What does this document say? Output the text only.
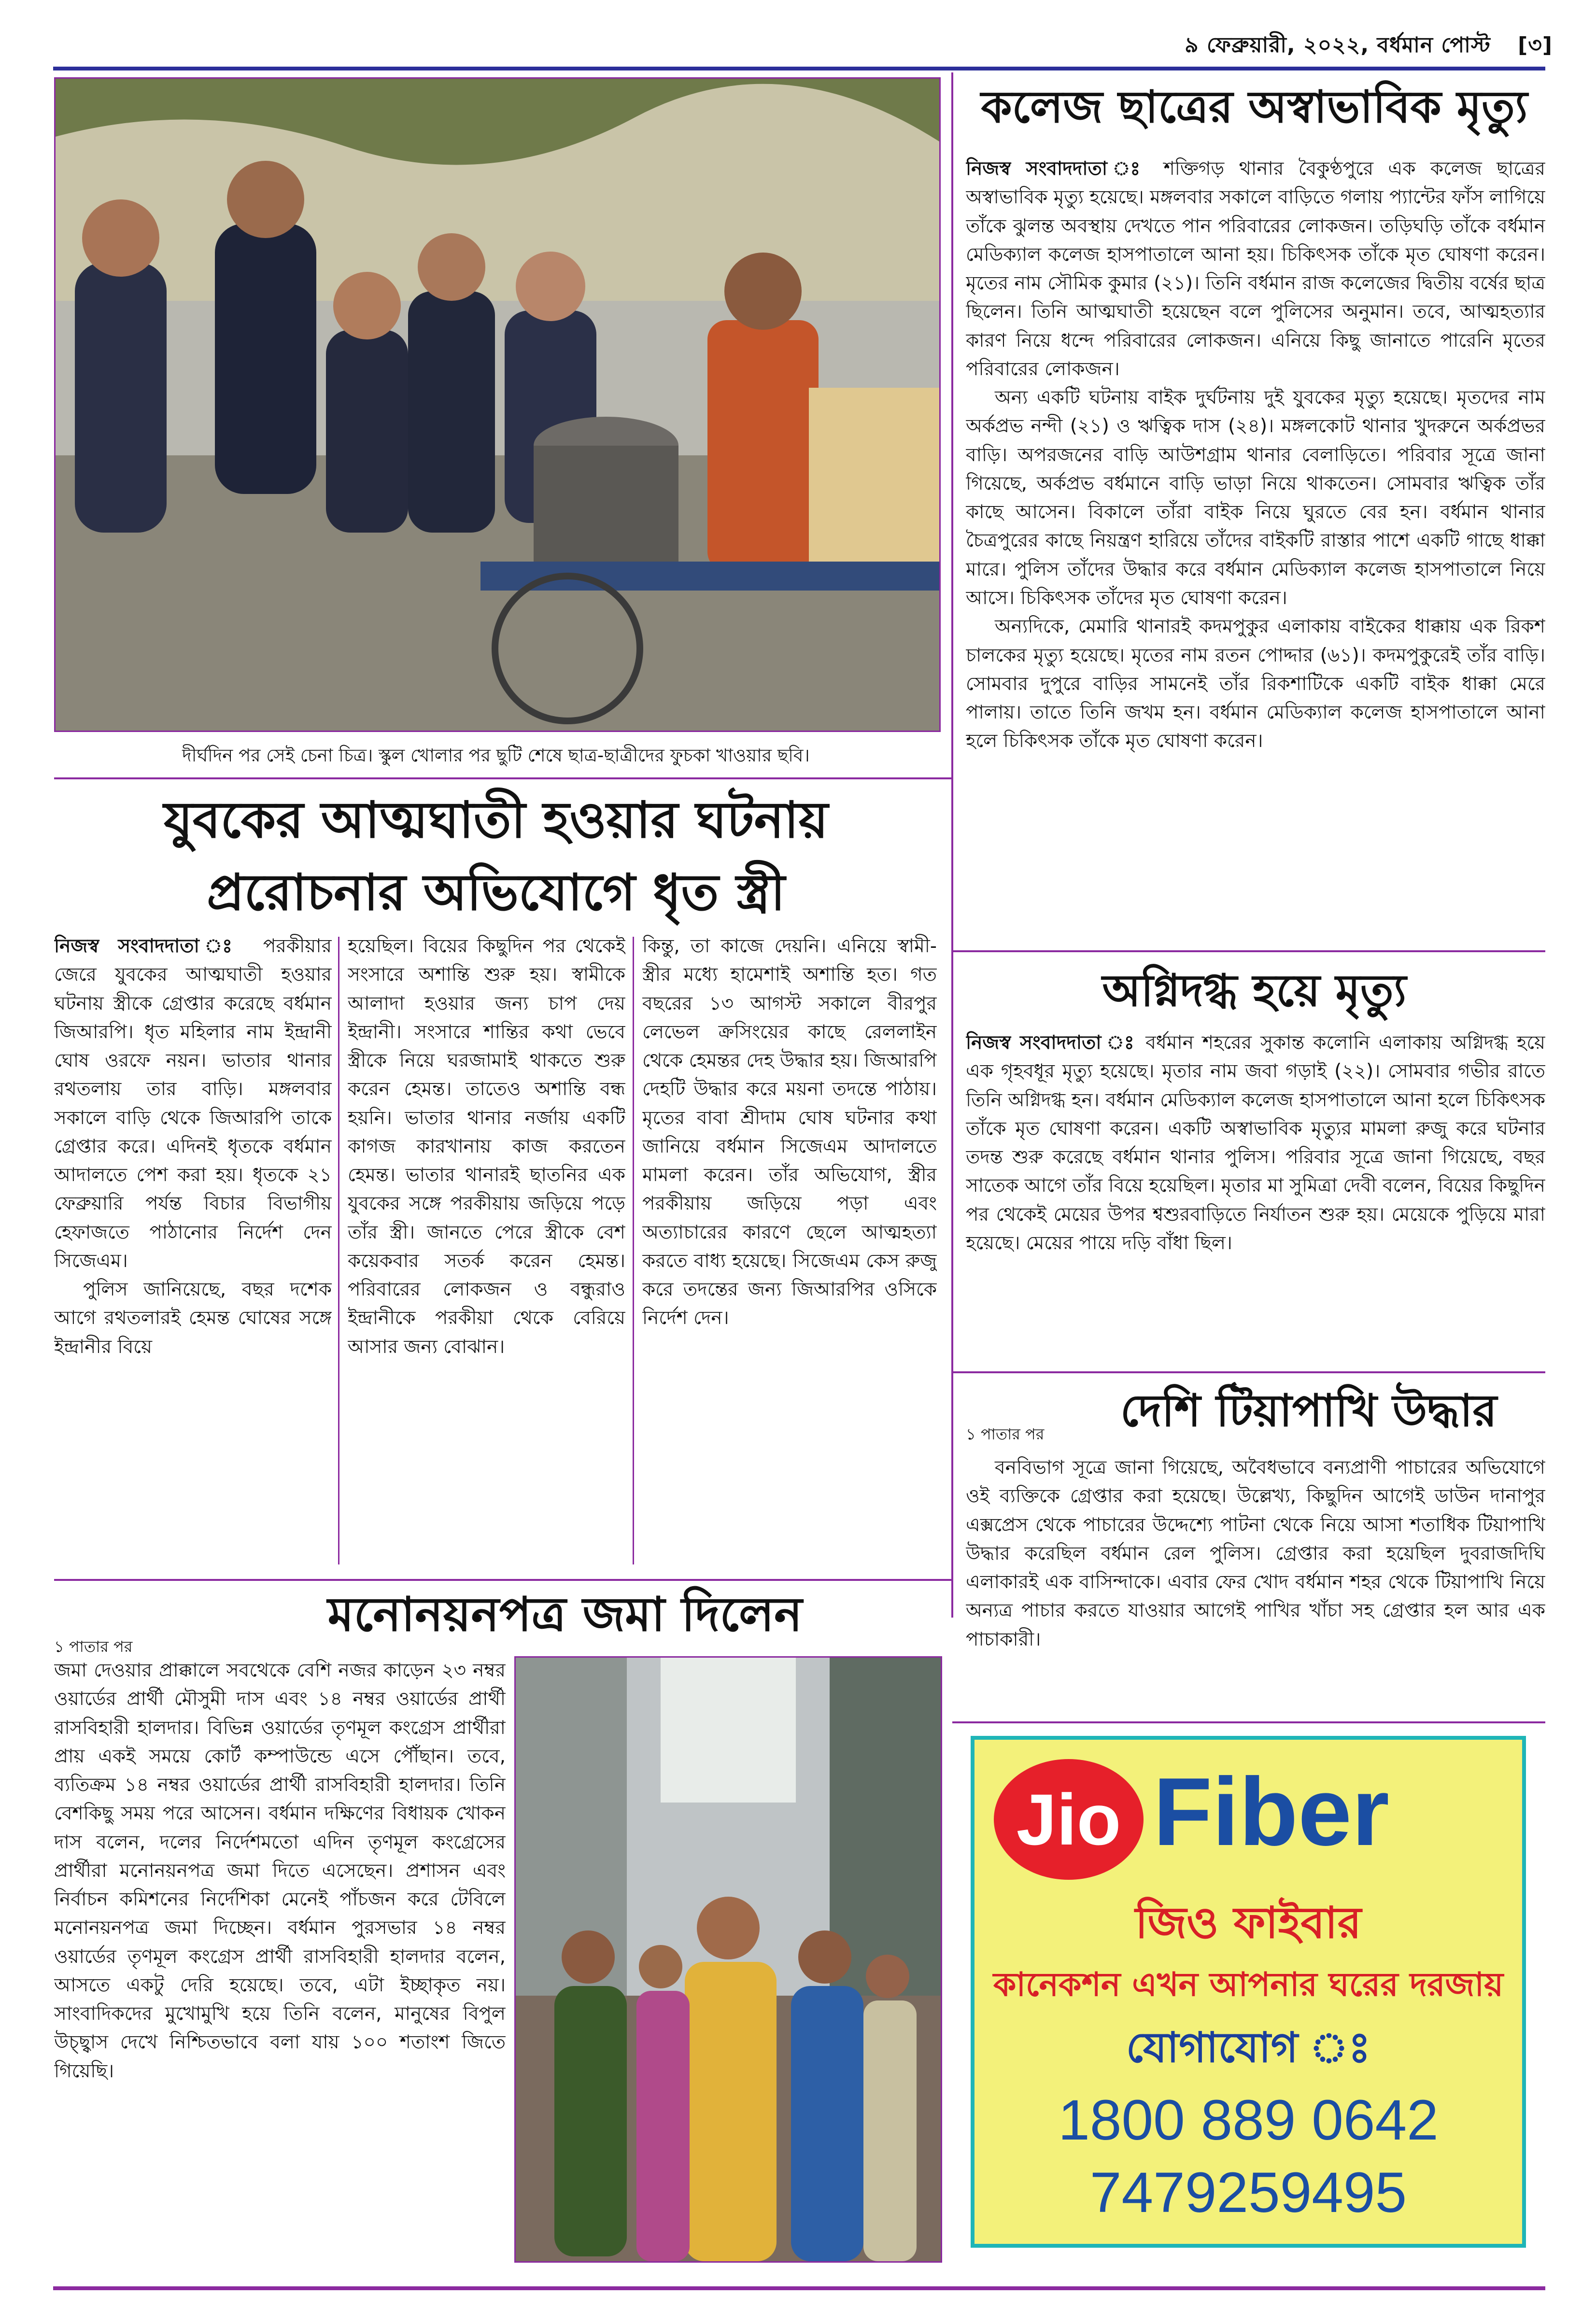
৯ ফেব্রুয়ারী, ২০২২, বর্ধমান পোস্ট [৩]
দীর্ঘদিন পর সেই চেনা চিত্র। স্কুল খোলার পর ছুটি শেষে ছাত্র-ছাত্রীদের ফুচকা খাওয়ার ছবি।
কলেজ ছাত্রের অস্বাভাবিক মৃত্যু

নিজস্ব সংবাদদাতা ঃ শক্তিগড় থানার বৈকুণ্ঠপুরে এক কলেজ ছাত্রের অস্বাভাবিক মৃত্যু হয়েছে। মঙ্গলবার সকালে বাড়িতে গলায় প্যান্টের ফাঁস লাগিয়ে তাঁকে ঝুলন্ত অবস্থায় দেখতে পান পরিবারের লোকজন। তড়িঘড়ি তাঁকে বর্ধমান মেডিক্যাল কলেজ হাসপাতালে আনা হয়। চিকিৎসক তাঁকে মৃত ঘোষণা করেন। মৃতের নাম সৌমিক কুমার (২১)। তিনি বর্ধমান রাজ কলেজের দ্বিতীয় বর্ষের ছাত্র ছিলেন। তিনি আত্মঘাতী হয়েছেন বলে পুলিসের অনুমান। তবে, আত্মহত্যার কারণ নিয়ে ধন্দে পরিবারের লোকজন। এনিয়ে কিছু জানাতে পারেনি মৃতের পরিবারের লোকজন।

অন্য একটি ঘটনায় বাইক দুর্ঘটনায় দুই যুবকের মৃত্যু হয়েছে। মৃতদের নাম অর্কপ্রভ নন্দী (২১) ও ঋত্বিক দাস (২৪)। মঙ্গলকোট থানার খুদরুনে অর্কপ্রভর বাড়ি। অপরজনের বাড়ি আউশগ্রাম থানার বেলাড়িতে। পরিবার সূত্রে জানা গিয়েছে, অর্কপ্রভ বর্ধমানে বাড়ি ভাড়া নিয়ে থাকতেন। সোমবার ঋত্বিক তাঁর কাছে আসেন। বিকালে তাঁরা বাইক নিয়ে ঘুরতে বের হন। বর্ধমান থানার চৈত্রপুরের কাছে নিয়ন্ত্রণ হারিয়ে তাঁদের বাইকটি রাস্তার পাশে একটি গাছে ধাক্কা মারে। পুলিস তাঁদের উদ্ধার করে বর্ধমান মেডিক্যাল কলেজ হাসপাতালে নিয়ে আসে। চিকিৎসক তাঁদের মৃত ঘোষণা করেন।

অন্যদিকে, মেমারি থানারই কদমপুকুর এলাকায় বাইকের ধাক্কায় এক রিকশ চালকের মৃত্যু হয়েছে। মৃতের নাম রতন পোদ্দার (৬১)। কদমপুকুরেই তাঁর বাড়ি। সোমবার দুপুরে বাড়ির সামনেই তাঁর রিকশাটিকে একটি বাইক ধাক্কা মেরে পালায়। তাতে তিনি জখম হন। বর্ধমান মেডিক্যাল কলেজ হাসপাতালে আনা হলে চিকিৎসক তাঁকে মৃত ঘোষণা করেন।

অগ্নিদগ্ধ হয়ে মৃত্যু

নিজস্ব সংবাদদাতা ঃ বর্ধমান শহরের সুকান্ত কলোনি এলাকায় অগ্নিদগ্ধ হয়ে এক গৃহবধূর মৃত্যু হয়েছে। মৃতার নাম জবা গড়াই (২২)। সোমবার গভীর রাতে তিনি অগ্নিদগ্ধ হন। বর্ধমান মেডিক্যাল কলেজ হাসপাতালে আনা হলে চিকিৎসক তাঁকে মৃত ঘোষণা করেন। একটি অস্বাভাবিক মৃত্যুর মামলা রুজু করে ঘটনার তদন্ত শুরু করেছে বর্ধমান থানার পুলিস। পরিবার সূত্রে জানা গিয়েছে, বছর সাতেক আগে তাঁর বিয়ে হয়েছিল। মৃতার মা সুমিত্রা দেবী বলেন, বিয়ের কিছুদিন পর থেকেই মেয়ের উপর শ্বশুরবাড়িতে নির্যাতন শুরু হয়। মেয়েকে পুড়িয়ে মারা হয়েছে। মেয়ের পায়ে দড়ি বাঁধা ছিল।

১ পাতার পর	দেশি টিয়াপাখি উদ্ধার

বনবিভাগ সূত্রে জানা গিয়েছে, অবৈধভাবে বন্যপ্রাণী পাচারের অভিযোগে ওই ব্যক্তিকে গ্রেপ্তার করা হয়েছে। উল্লেখ্য, কিছুদিন আগেই ডাউন দানাপুর এক্সপ্রেস থেকে পাচারের উদ্দেশ্যে পাটনা থেকে নিয়ে আসা শতাধিক টিয়াপাখি উদ্ধার করেছিল বর্ধমান রেল পুলিস। গ্রেপ্তার করা হয়েছিল দুবরাজদিঘি এলাকারই এক বাসিন্দাকে। এবার ফের খোদ বর্ধমান শহর থেকে টিয়াপাখি নিয়ে অন্যত্র পাচার করতে যাওয়ার আগেই পাখির খাঁচা সহ গ্রেপ্তার হল আর এক পাচাকারী।

Jio Fiber
জিও ফাইবার
কানেকশন এখন আপনার ঘরের দরজায়
যোগাযোগ ঃ
1800 889 0642
7479259495
যুবকের আত্মঘাতী হওয়ার ঘটনায়
প্ররোচনার অভিযোগে ধৃত স্ত্রী

নিজস্ব সংবাদদাতা ঃ পরকীয়ার জেরে যুবকের আত্মঘাতী হওয়ার ঘটনায় স্ত্রীকে গ্রেপ্তার করেছে বর্ধমান জিআরপি। ধৃত মহিলার নাম ইন্দ্রানী ঘোষ ওরফে নয়ন। ভাতার থানার রথতলায় তার বাড়ি। মঙ্গলবার সকালে বাড়ি থেকে জিআরপি তাকে গ্রেপ্তার করে। এদিনই ধৃতকে বর্ধমান আদালতে পেশ করা হয়। ধৃতকে ২১ ফেব্রুয়ারি পর্যন্ত বিচার বিভাগীয় হেফাজতে পাঠানোর নির্দেশ দেন সিজেএম।

পুলিস জানিয়েছে, বছর দশেক আগে রথতলারই হেমন্ত ঘোষের সঙ্গে ইন্দ্রানীর বিয়ে

হয়েছিল। বিয়ের কিছুদিন পর থেকেই সংসারে অশান্তি শুরু হয়। স্বামীকে আলাদা হওয়ার জন্য চাপ দেয় ইন্দ্রানী। সংসারে শান্তির কথা ভেবে স্ত্রীকে নিয়ে ঘরজামাই থাকতে শুরু করেন হেমন্ত। তাতেও অশান্তি বন্ধ হয়নি। ভাতার থানার নর্জায় একটি কাগজ কারখানায় কাজ করতেন হেমন্ত। ভাতার থানারই ছাতনির এক যুবকের সঙ্গে পরকীয়ায় জড়িয়ে পড়ে তাঁর স্ত্রী। জানতে পেরে স্ত্রীকে বেশ কয়েকবার সতর্ক করেন হেমন্ত। পরিবারের লোকজন ও বন্ধুরাও ইন্দ্রানীকে পরকীয়া থেকে বেরিয়ে আসার জন্য বোঝান।

কিন্তু, তা কাজে দেয়নি। এনিয়ে স্বামী-স্ত্রীর মধ্যে হামেশাই অশান্তি হত। গত বছরের ১৩ আগস্ট সকালে বীরপুর লেভেল ক্রসিংয়ের কাছে রেললাইন থেকে হেমন্তর দেহ উদ্ধার হয়। জিআরপি দেহটি উদ্ধার করে ময়না তদন্তে পাঠায়। মৃতের বাবা শ্রীদাম ঘোষ ঘটনার কথা জানিয়ে বর্ধমান সিজেএম আদালতে মামলা করেন। তাঁর অভিযোগ, স্ত্রীর পরকীয়ায় জড়িয়ে পড়া এবং অত্যাচারের কারণে ছেলে আত্মহত্যা করতে বাধ্য হয়েছে। সিজেএম কেস রুজু করে তদন্তের জন্য জিআরপির ওসিকে নির্দেশ দেন।

১ পাতার পর
মনোনয়নপত্র জমা দিলেন

জমা দেওয়ার প্রাক্কালে সবথেকে বেশি নজর কাড়েন ২৩ নম্বর ওয়ার্ডের প্রার্থী মৌসুমী দাস এবং ১৪ নম্বর ওয়ার্ডের প্রার্থী রাসবিহারী হালদার। বিভিন্ন ওয়ার্ডের তৃণমূল কংগ্রেস প্রার্থীরা প্রায় একই সময়ে কোর্ট কম্পাউন্ডে এসে পৌঁছান। তবে, ব্যতিক্রম ১৪ নম্বর ওয়ার্ডের প্রার্থী রাসবিহারী হালদার। তিনি বেশকিছু সময় পরে আসেন। বর্ধমান দক্ষিণের বিধায়ক খোকন দাস বলেন, দলের নির্দেশমতো এদিন তৃণমূল কংগ্রেসের প্রার্থীরা মনোনয়নপত্র জমা দিতে এসেছেন। প্রশাসন এবং নির্বাচন কমিশনের নির্দেশিকা মেনেই পাঁচজন করে টেবিলে মনোনয়নপত্র জমা দিচ্ছেন। বর্ধমান পুরসভার ১৪ নম্বর ওয়ার্ডের তৃণমূল কংগ্রেস প্রার্থী রাসবিহারী হালদার বলেন, আসতে একটু দেরি হয়েছে। তবে, এটা ইচ্ছাকৃত নয়। সাংবাদিকদের মুখোমুখি হয়ে তিনি বলেন, মানুষের বিপুল উচ্ছ্বাস দেখে নিশ্চিতভাবে বলা যায় ১০০ শতাংশ জিতে গিয়েছি।
